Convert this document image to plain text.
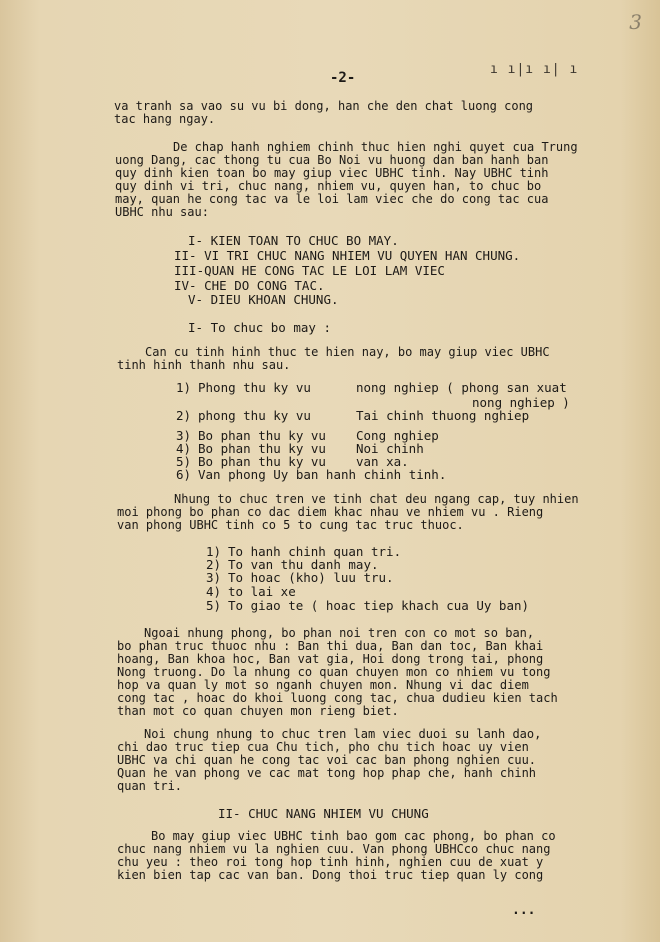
3
ı ı|ı ı| ı
-2-
va tranh sa vao su vu bi dong, han che den chat luong cong
tac hang ngay.
De chap hanh nghiem chinh thuc hien nghi quyet cua Trung
uong Dang, cac thong tu cua Bo Noi vu huong dan ban hanh ban
quy dinh kien toan bo may giup viec UBHC tinh. Nay UBHC tinh
quy dinh vi tri, chuc nang, nhiem vu, quyen han, to chuc bo
may, quan he cong tac va le loi lam viec che do cong tac cua
UBHC nhu sau:
I- KIEN TOAN TO CHUC BO MAY.
II- VI TRI CHUC NANG NHIEM VU QUYEN HAN CHUNG.
III-QUAN HE CONG TAC LE LOI LAM VIEC
IV- CHE DO CONG TAC.
V- DIEU KHOAN CHUNG.
I- To chuc bo may :
Can cu tinh hinh thuc te hien nay, bo may giup viec UBHC
tinh hinh thanh nhu sau.
1) Phong thu ky vu	nong nghiep ( phong san xuat
nong nghiep )
2) phong thu ky vu	Tai chinh thuong nghiep
3) Bo phan thu ky vu Cong nghiep
4) Bo phan thu ky vu Noi chinh
5) Bo phan thu ky vu van xa.
6) Van phong Uy ban hanh chinh tinh.
Nhung to chuc tren ve tinh chat deu ngang cap, tuy nhien
moi phong bo phan co dac diem khac nhau ve nhiem vu . Rieng
van phong UBHC tinh co 5 to cung tac truc thuoc.
1) To hanh chinh quan tri.
2) To van thu danh may.
3) To hoac (kho) luu tru.
4) to lai xe
5) To giao te ( hoac tiep khach cua Uy ban)
Ngoai nhung phong, bo phan noi tren con co mot so ban,
bo phan truc thuoc nhu : Ban thi dua, Ban dan toc, Ban khai
hoang, Ban khoa hoc, Ban vat gia, Hoi dong trong tai, phong
Nong truong. Do la nhung co quan chuyen mon co nhiem vu tong
hop va quan ly mot so nganh chuyen mon. Nhung vi dac diem
cong tac , hoac do khoi luong cong tac, chua dudieu kien tach
than mot co quan chuyen mon rieng biet.
Noi chung nhung to chuc tren lam viec duoi su lanh dao,
chi dao truc tiep cua Chu tich, pho chu tich hoac uy vien
UBHC va chi quan he cong tac voi cac ban phong nghien cuu.
Quan he van phong ve cac mat tong hop phap che, hanh chinh
quan tri.
II- CHUC NANG NHIEM VU CHUNG
Bo may giup viec UBHC tinh bao gom cac phong, bo phan co
chuc nang nhiem vu la nghien cuu. Van phong UBHCco chuc nang
chu yeu : theo roi tong hop tinh hinh, nghien cuu de xuat y
kien bien tap cac van ban. Dong thoi truc tiep quan ly cong
...
